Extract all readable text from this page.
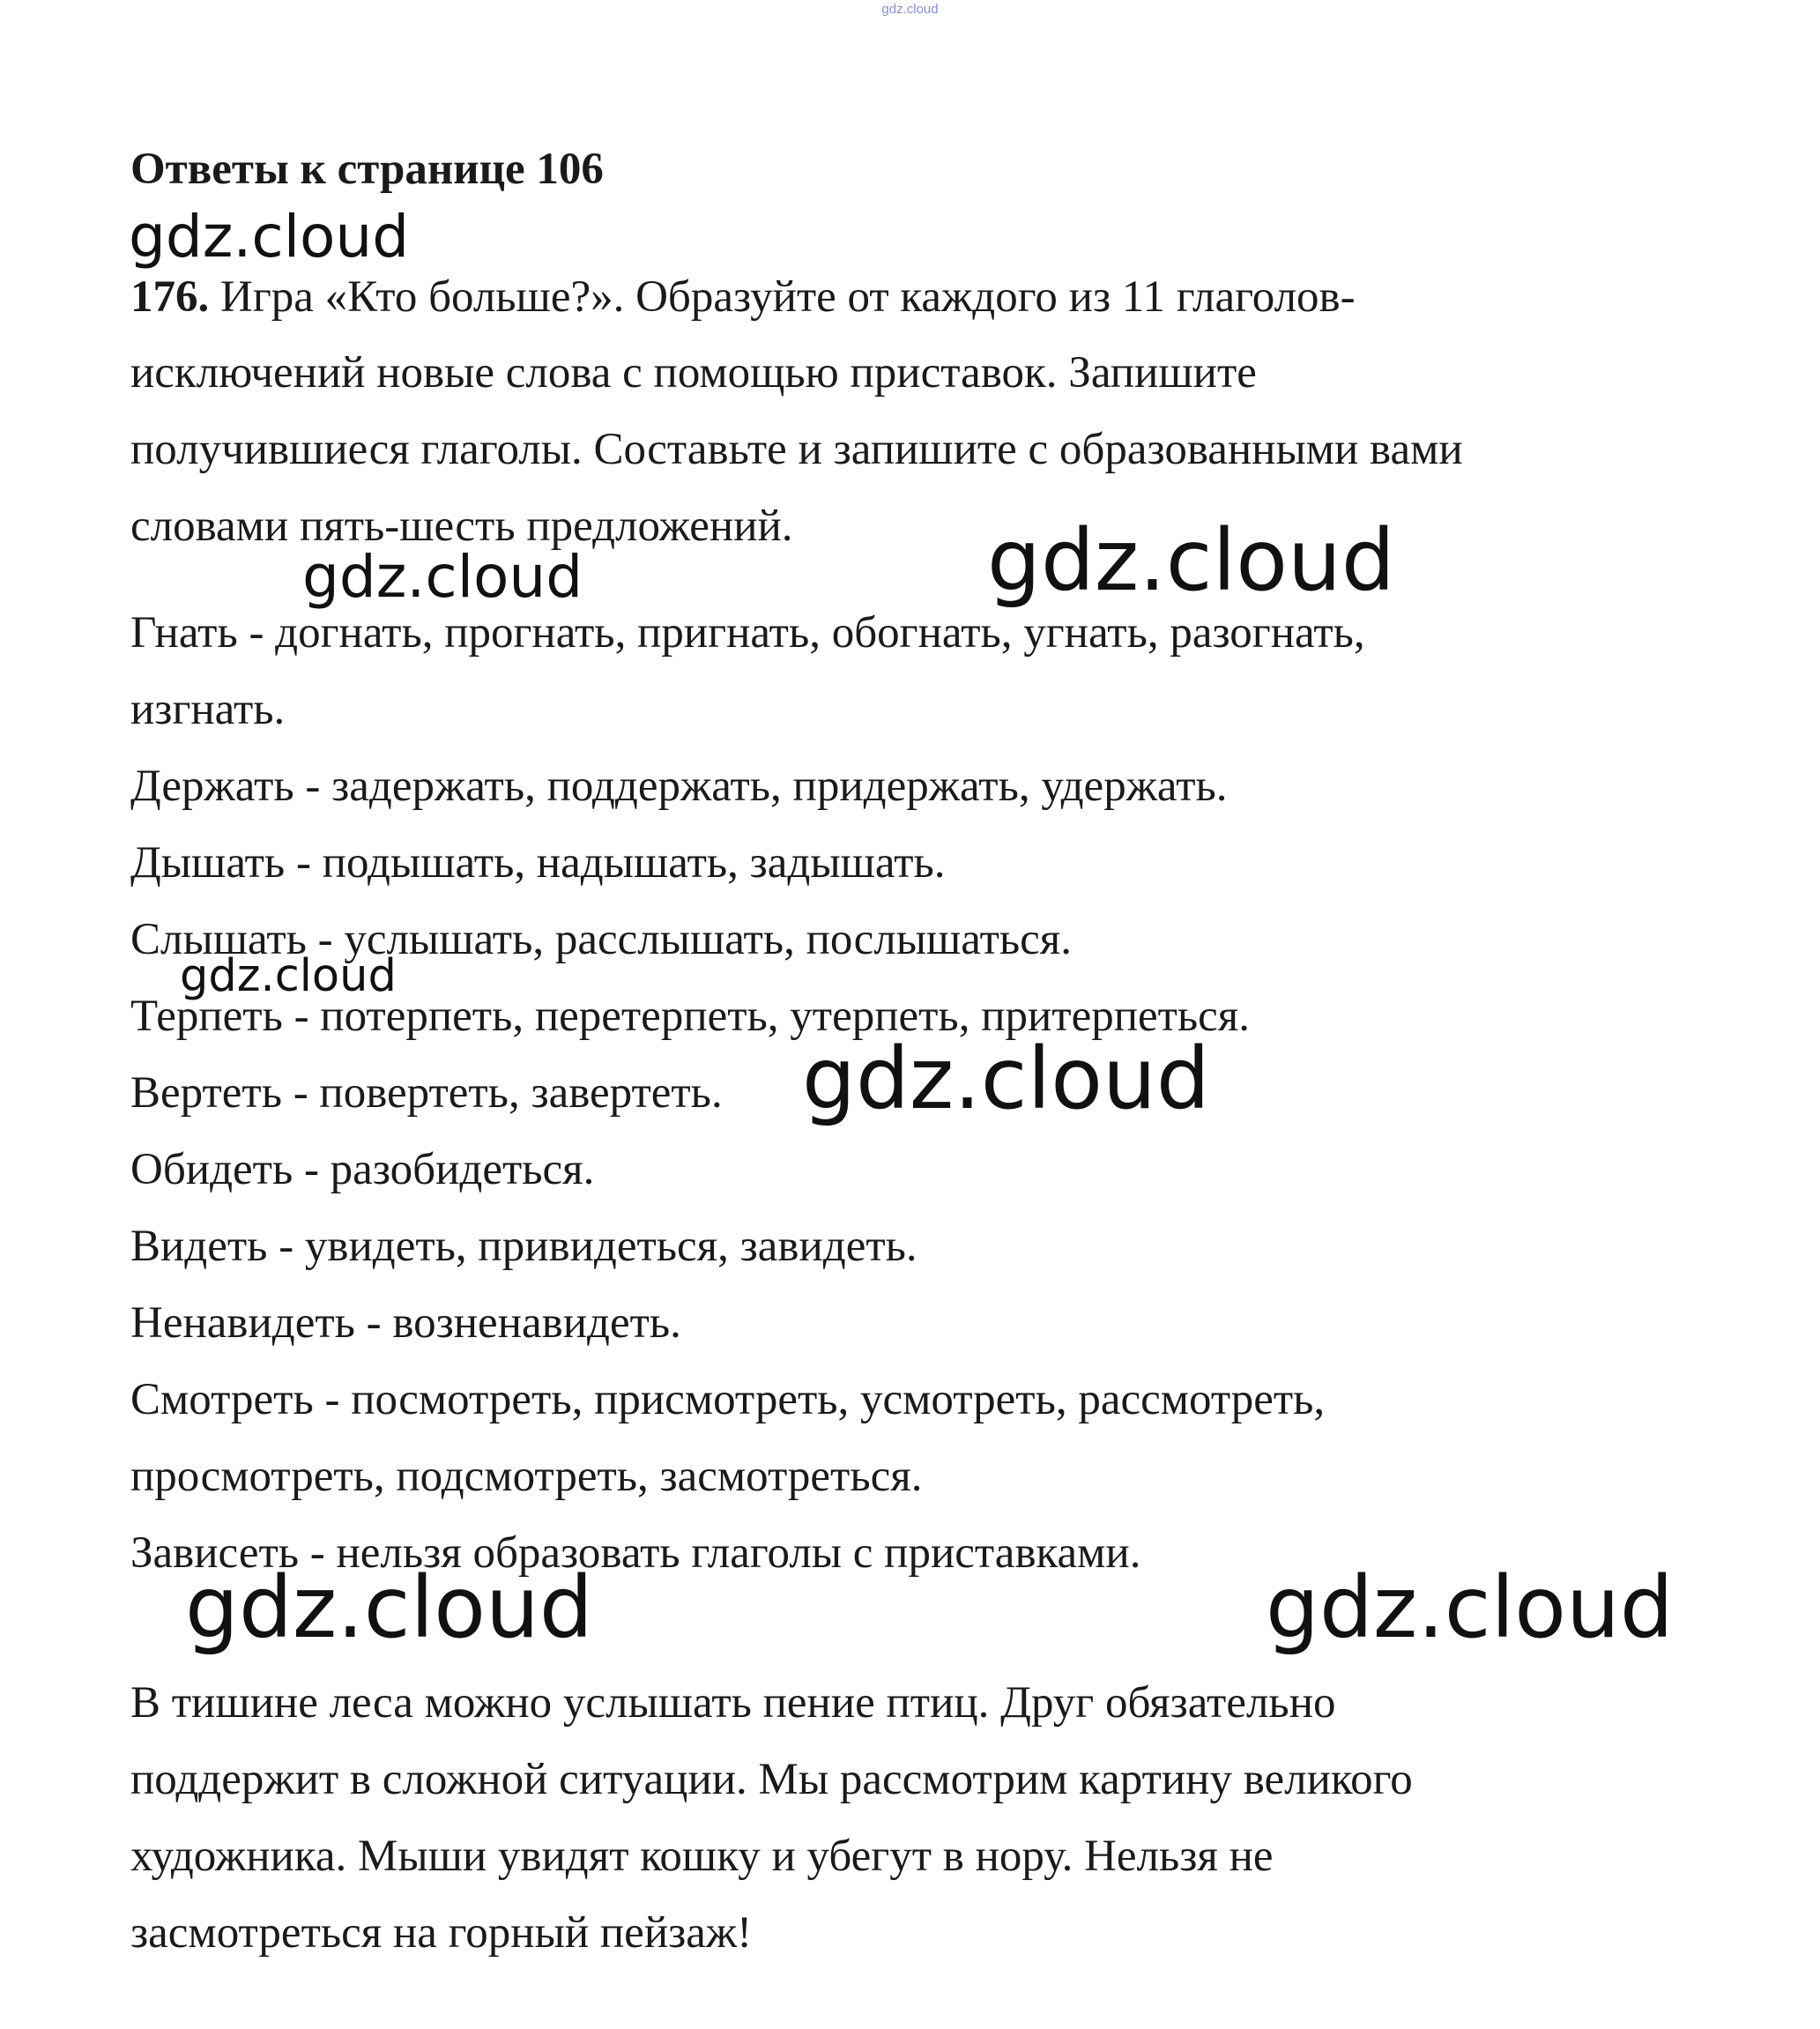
gdz.cloud
Ответы к странице 106
gdz.cloud
gdz.cloud	gdz.cloud
gdz.cloud
gdz.cloud
gdz.cloud	gdz.cloud
176. Игра «Кто больше?». Образуйте от каждого из 11 глаголов-
исключений новые слова с помощью приставок. Запишите
получившиеся глаголы. Составьте и запишите с образованными вами
словами пять-шесть предложений.
Гнать - догнать, прогнать, пригнать, обогнать, угнать, разогнать,
изгнать.
Держать - задержать, поддержать, придержать, удержать.
Дышать - подышать, надышать, задышать.
Слышать - услышать, расслышать, послышаться.
Терпеть - потерпеть, перетерпеть, утерпеть, притерпеться.
Вертеть - повертеть, завертеть.
Обидеть - разобидеться.
Видеть - увидеть, привидеться, завидеть.
Ненавидеть - возненавидеть.
Смотреть - посмотреть, присмотреть, усмотреть, рассмотреть,
просмотреть, подсмотреть, засмотреться.
Зависеть - нельзя образовать глаголы с приставками.
В тишине леса можно услышать пение птиц. Друг обязательно
поддержит в сложной ситуации. Мы рассмотрим картину великого
художника. Мыши увидят кошку и убегут в нору. Нельзя не
засмотреться на горный пейзаж!
